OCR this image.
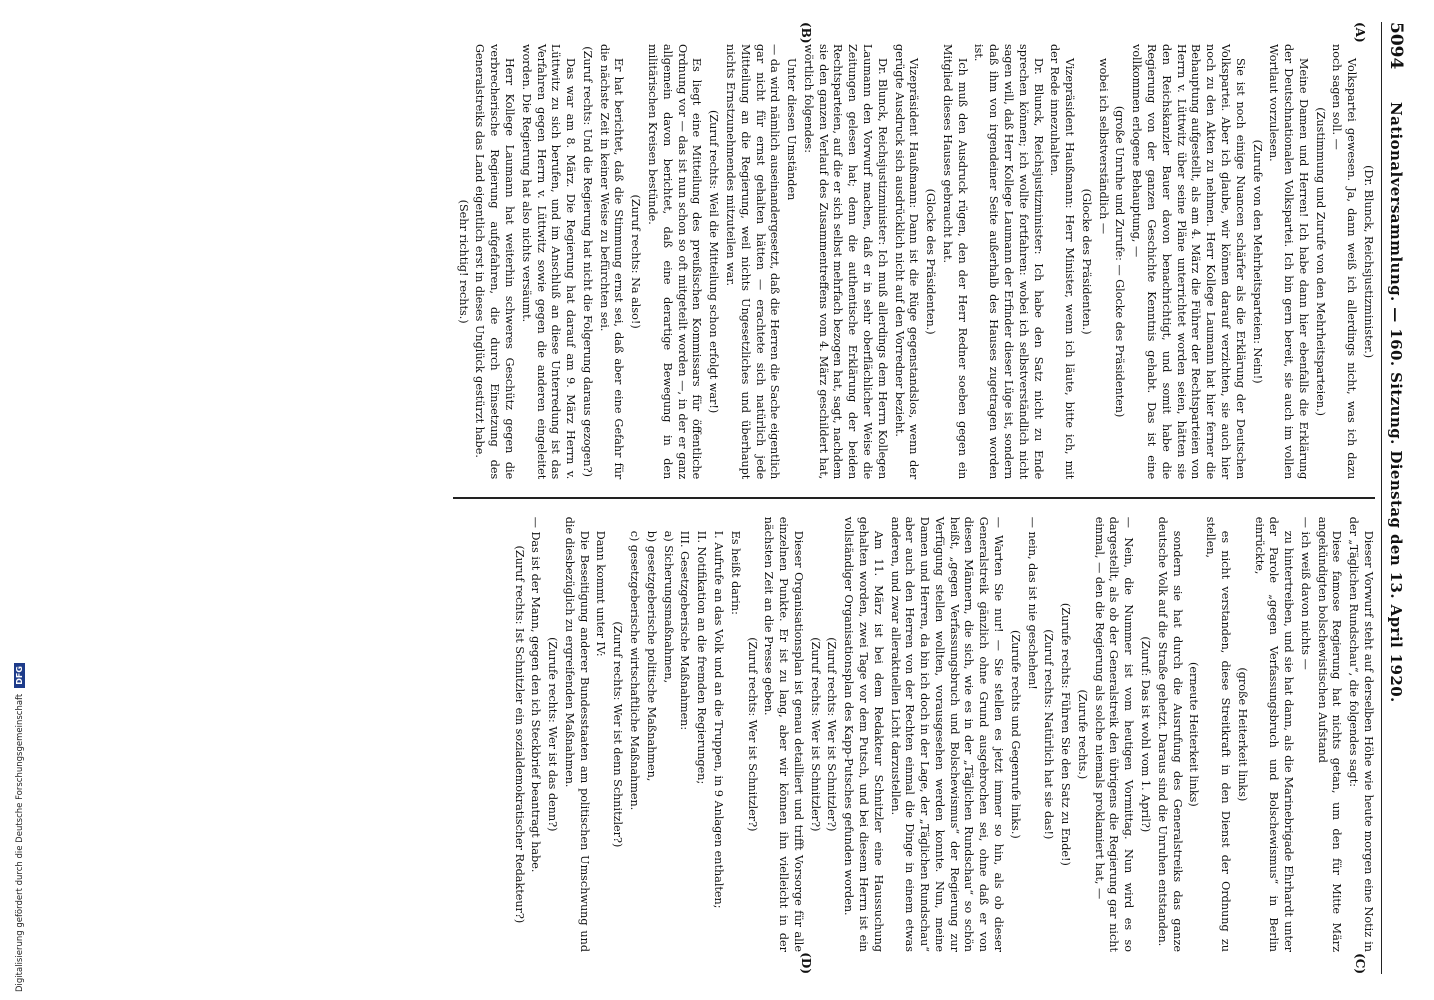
5094
Nationalversammlung. — 160. Sitzung. Dienstag den 13. April 1920.
(A)
(B)
(C)
(D)

(Dr. Blunck, Reichsjustizminister.)

Volkspartei gewesen. Ja, dann weiß ich allerdings nicht, was ich dazu noch sagen soll. —

(Zustimmung und Zurufe von den Mehrheitsparteien.)

Meine Damen und Herren! Ich habe dann hier ebenfalls die Erklärung der Deutschnationalen Volkspartei. Ich bin gern bereit, sie auch im vollen Wortlaut vorzulesen.

(Zurufe von den Mehrheitsparteien: Nein!)

Sie ist noch einige Nuancen schärfer als die Erklärung der Deutschen Volkspartei. Aber ich glaube, wir können darauf verzichten, sie auch hier noch zu den Akten zu nehmen. Herr Kollege Laumann hat hier ferner die Behauptung aufgestellt, als am 4. März die Führer der Rechtsparteien von Herrn v. Lüttwitz über seine Pläne unterrichtet worden seien, hätten sie den Reichskanzler Bauer davon benachrichtigt, und somit habe die Regierung von der ganzen Geschichte Kenntnis gehabt. Das ist eine vollkommen erlogene Behauptung, —

(große Unruhe und Zurufe: — Glocke des Präsidenten)

wobei ich selbstverständlich —

(Glocke des Präsidenten.)

Vizepräsident Haußmann: Herr Minister, wenn ich läute, bitte ich, mit der Rede innezuhalten.

Dr. Blunck, Reichsjustizminister: Ich habe den Satz nicht zu Ende sprechen können; ich wollte fortfahren: wobei ich selbstverständlich nicht sagen will, daß Herr Kollege Laumann der Erfinder dieser Lüge ist, sondern daß ihm von irgendeiner Seite außerhalb des Hauses zugetragen worden ist.

Ich muß den Ausdruck rügen, den der Herr Redner soeben gegen ein Mitglied dieses Hauses gebraucht hat.

(Glocke des Präsidenten.)

Vizepräsident Haußmann: Dann ist die Rüge gegenstandslos, wenn der gerügte Ausdruck sich ausdrücklich nicht auf den Vorredner bezieht.

Dr. Blunck, Reichsjustizminister: Ich muß allerdings dem Herrn Kollegen Laumann den Vorwurf machen, daß er in sehr oberflächlicher Weise die Zeitungen gelesen hat; denn die authentische Erklärung der beiden Rechtsparteien, auf die er sich selbst mehrfach bezogen hat, sagt, nachdem sie den ganzen Verlauf des Zusammentreffens vom 4. März geschildert hat, wörtlich folgendes:

Unter diesen Umständen

— da wird nämlich auseinandergesetzt, daß die Herren die Sache eigentlich gar nicht für ernst gehalten hätten — erachtete sich natürlich jede Mitteilung an die Regierung, weil nichts Ungesetzliches und überhaupt nichts Ernstzunehmendes mitzuteilen war.

(Zuruf rechts: Weil die Mitteilung schon erfolgt war!)

Es liegt eine Mitteilung des preußischen Kommissars für öffentliche Ordnung vor — das ist nun schon so oft mitgeteilt worden —, in der er ganz allgemein davon berichtet, daß eine derartige Bewegung in den militärischen Kreisen bestünde.

(Zuruf rechts: Na also!)

Er hat berichtet, daß die Stimmung ernst sei, daß aber eine Gefahr für die nächste Zeit in keiner Weise zu befürchten sei.

(Zuruf rechts: Und die Regierung hat nicht die Folgerung daraus gezogen?)

Das war am 8. März. Die Regierung hat darauf am 9. März Herrn v. Lüttwitz zu sich berufen, und im Anschluß an diese Unterredung ist das Verfahren gegen Herrn v. Lüttwitz sowie gegen die anderen eingeleitet worden. Die Regierung hat also nichts versäumt.

Herr Kollege Laumann hat weiterhin schweres Geschütz gegen die verbrecherische Regierung aufgefahren, die durch Einsetzung des Generalstreiks das Land eigentlich erst in dieses Unglück gestürzt habe.

(Sehr richtig! rechts.)

Dieser Vorwurf steht auf derselben Höhe wie heute morgen eine Notiz in der „Täglichen Rundschau“, die folgendes sagt:

Diese famose Regierung hat nichts getan, um den für Mitte März angekündigten bolschewistischen Aufstand

— ich weiß davon nichts —

zu hintertreiben, und sie hat dann, als die Marinebrigade Ehrhardt unter der Parole „gegen Verfassungsbruch und Bolschewismus“ in Berlin einrückte,

(große Heiterkeit links)

es nicht verstanden, diese Streitkraft in den Dienst der Ordnung zu stellen,

(erneute Heiterkeit links)

sondern sie hat durch die Ausrufung des Generalstreiks das ganze deutsche Volk auf die Straße gehetzt. Daraus sind die Unruhen entstanden.

(Zuruf: Das ist wohl vom 1. April?)

— Nein, die Nummer ist vom heutigen Vormittag. Nun wird es so dargestellt, als ob der Generalstreik den übrigens die Regierung gar nicht einmal, — den die Regierung als solche niemals proklamiert hat, —

(Zurufe rechts.)

(Zurufe rechts: Führen Sie den Satz zu Ende!)

(Zuruf rechts: Natürlich hat sie das!)

— nein, das ist nie geschehen!

(Zurufe rechts und Gegenrufe links.)

— Warten Sie nur! — Sie stellen es jetzt immer so hin, als ob dieser Generalstreik gänzlich ohne Grund ausgebrochen sei, ohne daß er von diesen Männern, die sich, wie es in der „Täglichen Rundschau“ so schön heißt, „gegen Verfassungsbruch und Bolschewismus“ der Regierung zur Verfügung stellen wollten, vorausgesehen werden konnte. Nun, meine Damen und Herren, da bin ich doch in der Lage, der „Täglichen Rundschau“ aber auch den Herren von der Rechten einmal die Dinge in einem etwas anderen, und zwar alleraktuellen Licht darzustellen.

Am 11. März ist bei dem Redakteur Schnitzler eine Haussuchung gehalten worden, zwei Tage vor dem Putsch, und bei diesem Herrn ist ein vollständiger Organisationsplan des Kapp-Putsches gefunden worden.

(Zuruf rechts: Wer ist Schnitzler?)

(Zuruf rechts: Wer ist Schnitzler?)

Dieser Organisationsplan ist genau detailliert und trifft Vorsorge für alle einzelnen Punkte. Er ist zu lang, aber wir können ihn vielleicht in der nächsten Zeit an die Presse geben.

(Zuruf rechts: Wer ist Schnitzler?)

Es heißt darin:

I. Aufrufe an das Volk und an die Truppen, in 9 Anlagen enthalten;

II. Notifikation an die fremden Regierungen;

III. Gesetzgeberische Maßnahmen:

a) Sicherungsmaßnahmen,

b) gesetzgeberische politische Maßnahmen,

c) gesetzgeberische wirtschaftliche Maßnahmen.

(Zuruf rechts: Wer ist denn Schnitzler?)

Dann kommt unter IV:

Die Beseitigung anderer Bundesstaaten am politischen Umschwung und die diesbezüglich zu ergreifenden Maßnahmen.

(Zurufe rechts: Wer ist das denn?)

— Das ist der Mann, gegen den ich Steckbrief beantragt habe.

(Zuruf rechts: Ist Schnitzler ein sozialdemokratischer Redakteur?)

Digitalisierung gefördert durch die Deutsche Forschungsgemeinschaft
DFG
